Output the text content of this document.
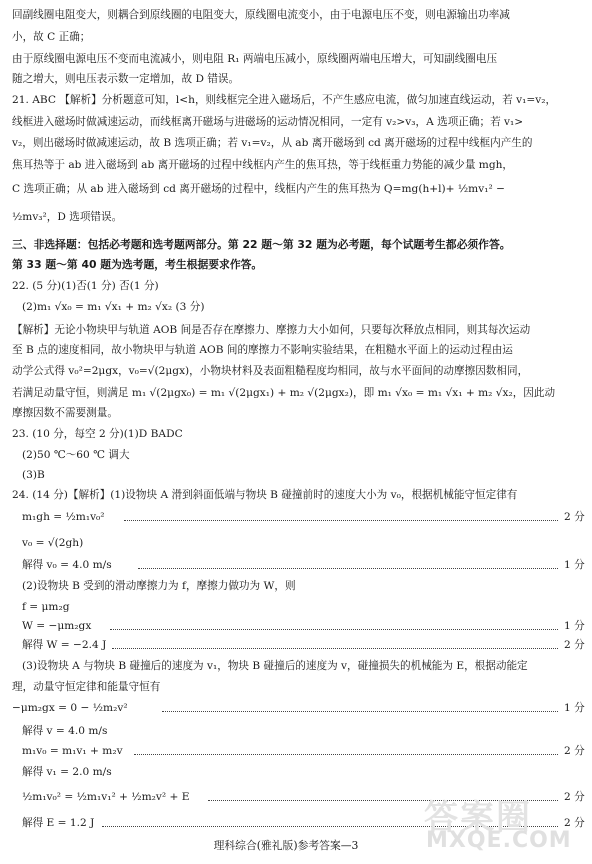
回副线圈电阻变大，则耦合到原线圈的电阻变大，原线圈电流变小，由于电源电压不变，则电源输出功率减
小，故 C 正确；
由于原线圈电源电压不变而电流减小，则电阻 R₁ 两端电压减小，原线圈两端电压增大，可知副线圈电压
随之增大，则电压表示数一定增加，故 D 错误。
21. ABC 【解析】分析题意可知，l<h，则线框完全进入磁场后，不产生感应电流，做匀加速直线运动，若 v₁=v₂，
线框进入磁场时做减速运动，而线框离开磁场与进磁场的运动情况相同，一定有 v₂>v₃，A 选项正确；若 v₁>
v₂，则出磁场时做减速运动，故 B 选项正确；若 v₁=v₂，从 ab 离开磁场到 cd 离开磁场的过程中线框内产生的
焦耳热等于 ab 进入磁场到 ab 离开磁场的过程中线框内产生的焦耳热，等于线框重力势能的减少量 mgh，
C 选项正确；从 ab 进入磁场到 cd 离开磁场的过程中，线框内产生的焦耳热为 Q=mg(h+l)+ ½mv₁² −
½mv₃²，D 选项错误。
三、非选择题：包括必考题和选考题两部分。第 22 题～第 32 题为必考题，每个试题考生都必须作答。
第 33 题～第 40 题为选考题，考生根据要求作答。
22. (5 分)(1)否(1 分) 否(1 分)
(2)m₁ √x₀ = m₁ √x₁ + m₂ √x₂ (3 分)
【解析】无论小物块甲与轨道 AOB 间是否存在摩擦力、摩擦力大小如何，只要每次释放点相同，则其每次运动
至 B 点的速度相同，故小物块甲与轨道 AOB 间的摩擦力不影响实验结果，在粗糙水平面上的运动过程由运
动学公式得 v₀²=2μgx，v₀=√(2μgx)，小物块材料及表面粗糙程度均相同，故与水平面间的动摩擦因数相同，
若满足动量守恒，则满足 m₁ √(2μgx₀) = m₁ √(2μgx₁) + m₂ √(2μgx₂)，即 m₁ √x₀ = m₁ √x₁ + m₂ √x₂，因此动
摩擦因数不需要测量。
23. (10 分，每空 2 分)(1)D BADC
(2)50 ℃～60 ℃ 调大
(3)B
24. (14 分)【解析】(1)设物块 A 滑到斜面低端与物块 B 碰撞前时的速度大小为 v₀，根据机械能守恒定律有
m₁gh = ½m₁v₀²	2 分
v₀ = √(2gh)
解得 v₀ = 4.0 m/s	1 分
(2)设物块 B 受到的滑动摩擦力为 f，摩擦力做功为 W，则
f = μm₂g
W = −μm₂gx	1 分
解得 W = −2.4 J	2 分
(3)设物块 A 与物块 B 碰撞后的速度为 v₁，物块 B 碰撞后的速度为 v，碰撞损失的机械能为 E，根据动能定
理，动量守恒定律和能量守恒有
−μm₂gx = 0 − ½m₂v²	1 分
解得 v = 4.0 m/s
m₁v₀ = m₁v₁ + m₂v	2 分
解得 v₁ = 2.0 m/s
½m₁v₀² = ½m₁v₁² + ½m₂v² + E	2 分
解得 E = 1.2 J	2 分
答案圈
MXQE.COM
理科综合(雅礼版)参考答案—3
